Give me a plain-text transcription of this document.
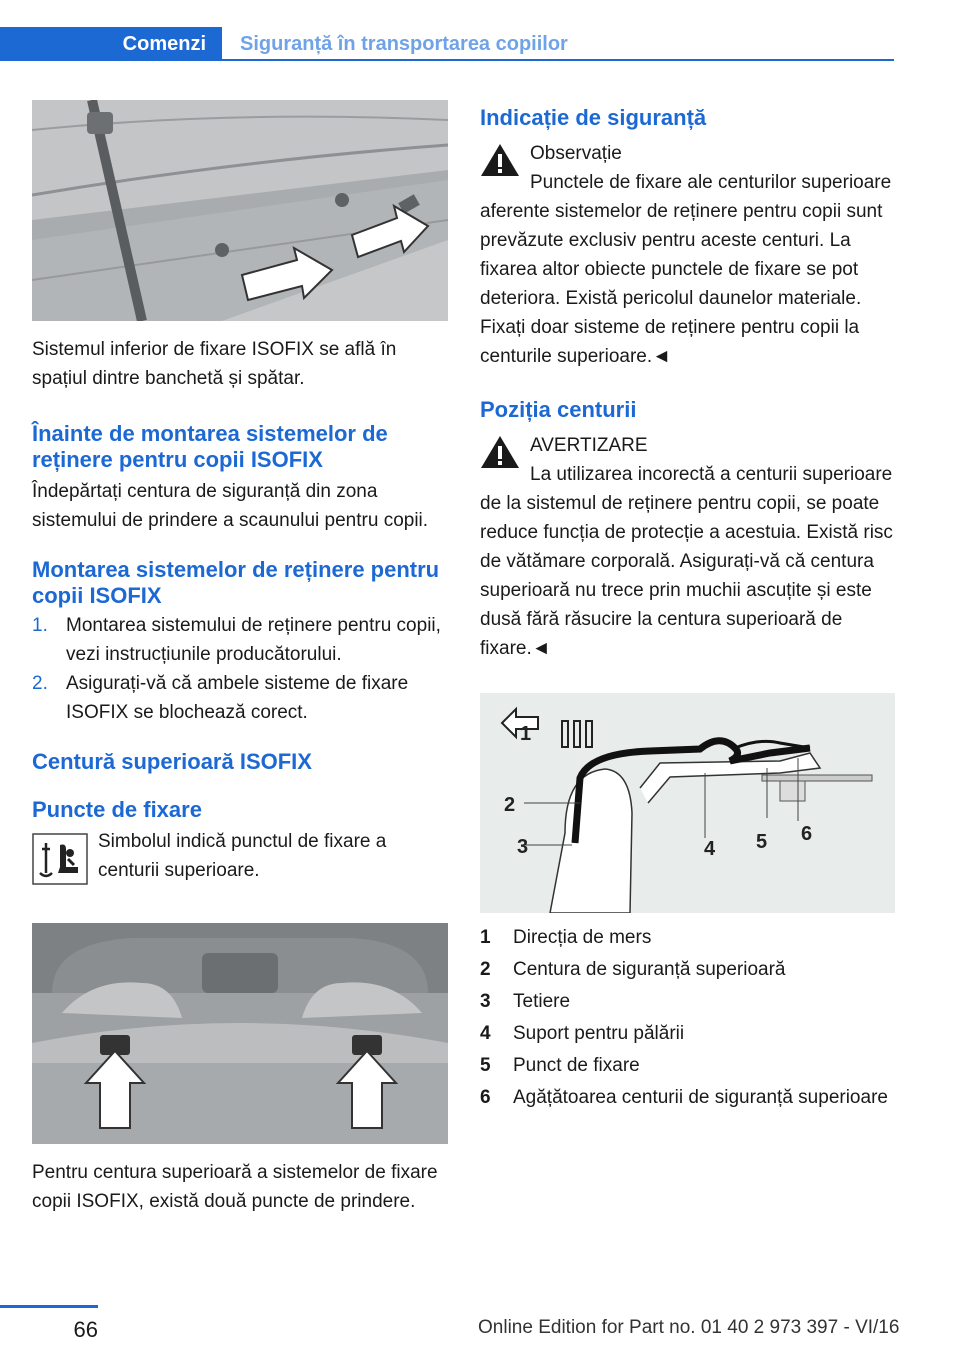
Comenzi	Siguranță în transportarea copiilor

Sistemul inferior de fixare ISOFIX se află în spațiul dintre banchetă și spătar.

Înainte de montarea sistemelor de reținere pentru copii ISOFIX

Îndepărtați centura de siguranță din zona sistemului de prindere a scaunului pentru copii.

Montarea sistemelor de reținere pentru copii ISOFIX
1. Montarea sistemului de reținere pentru copii, vezi instrucțiunile producătorului.
2. Asigurați-vă că ambele sisteme de fixare ISOFIX se blochează corect.
Centură superioară ISOFIX
Puncte de fixare

Simbolul indică punctul de fixare a centurii superioare.

Pentru centura superioară a sistemelor de fixare copii ISOFIX, există două puncte de prindere.

Indicație de siguranță
Observație

Punctele de fixare ale centurilor superioare aferente sistemelor de reținere pentru copii sunt prevăzute exclusiv pentru aceste centuri. La fixarea altor obiecte punctele de fixare se pot deteriora. Există pericolul daunelor materiale. Fixați doar sisteme de reținere pentru copii la centurile superioare.◄

Poziția centurii
AVERTIZARE

La utilizarea incorectă a centurii superioare de la sistemul de reținere pentru copii, se poate reduce funcția de protecție a acestuia. Există risc de vătămare corporală. Asigurați-vă că centura superioară nu trece prin muchii ascuțite și este dusă fără răsucire la centura superioară de fixare.◄

1
2
3	4 5 6
1 Direcția de mers
2 Centura de siguranță superioară
3 Tetiere
4 Suport pentru pălării
5 Punct de fixare
6 Agățătoarea centurii de siguranță superioare
66	Online Edition for Part no. 01 40 2 973 397 - VI/16
